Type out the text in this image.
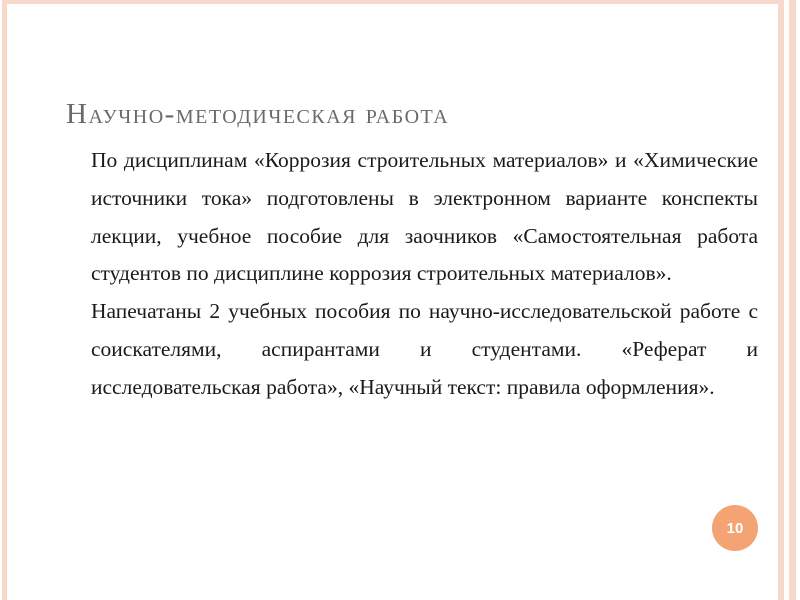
Научно-методическая работа
По дисциплинам «Коррозия строительных материалов» и «Химические источники тока» подготовлены в электронном варианте конспекты лекции, учебное пособие для заочников «Самостоятельная работа студентов по дисциплине коррозия строительных материалов».
Напечатаны 2 учебных пособия по научно-исследовательской работе с соискателями, аспирантами и студентами. «Реферат и исследовательская работа», «Научный текст: правила оформления».
10
